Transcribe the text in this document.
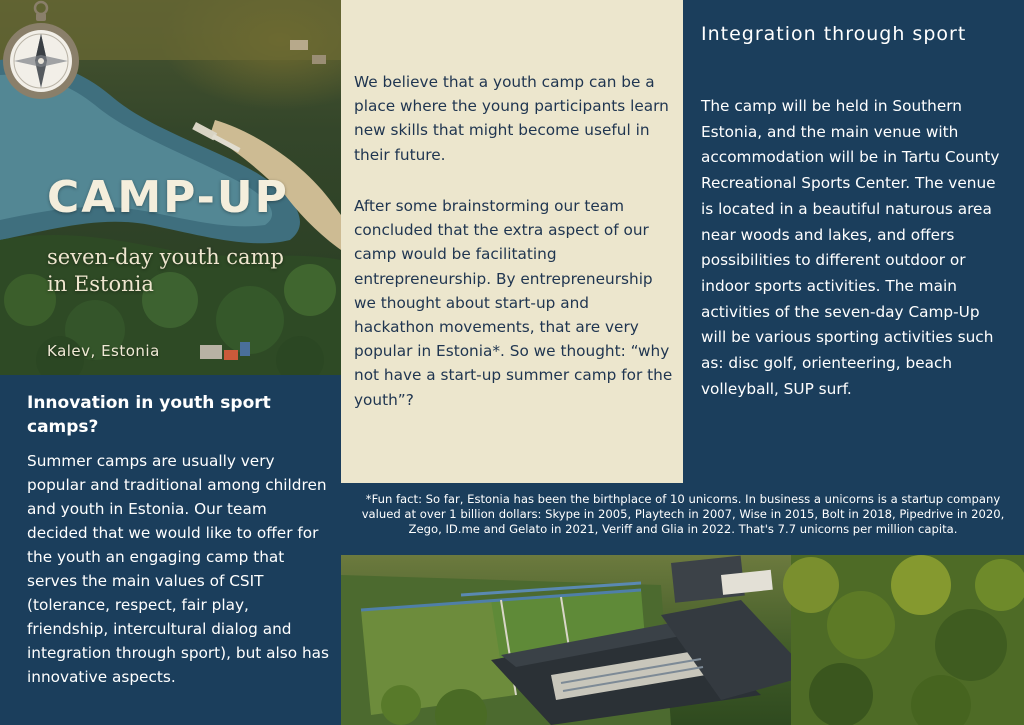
CAMP-UP

seven-day youth camp in Estonia

Kalev, Estonia

Innovation in youth sport camps?

Summer camps are usually very popular and traditional among children and youth in Estonia. Our team decided that we would like to offer for the youth an engaging camp that serves the main values of CSIT (tolerance, respect, fair play, friendship, intercultural dialog and integration through sport), but also has innovative aspects.

We believe that a youth camp can be a place where the young participants learn new skills that might become useful in their future.

After some brainstorming our team concluded that the extra aspect of our camp would be facilitating entrepreneurship. By entrepreneurship we thought about start-up and hackathon movements, that are very popular in Estonia*. So we thought: “why not have a start-up summer camp for the youth”?

Integration through sport

The camp will be held in Southern Estonia, and the main venue with accommodation will be in Tartu County Recreational Sports Center. The venue is located in a beautiful naturous area near woods and lakes, and offers possibilities to different outdoor or indoor sports activities. The main activities of the seven-day Camp-Up will be various sporting activities such as: disc golf, orienteering, beach volleyball, SUP surf.

*Fun fact: So far, Estonia has been the birthplace of 10 unicorns. In business a unicorns is a startup company valued at over 1 billion dollars: Skype in 2005, Playtech in 2007, Wise in 2015, Bolt in 2018, Pipedrive in 2020, Zego, ID.me and Gelato in 2021, Veriff and Glia in 2022. That's 7.7 unicorns per million capita.
